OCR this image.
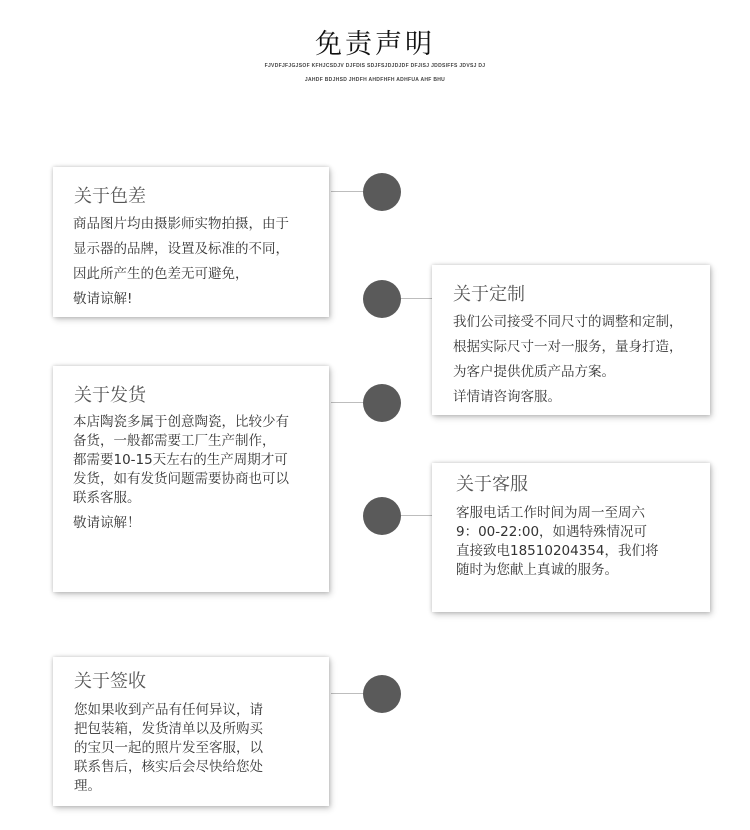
免责声明
FJVDFJFJGJSOF KFHJCSDJV DJFDIS SDJFSJDJDJDF DFJISJ JDDSIFFS JDVSJ DJ
JAHDF BDJHSD JHDFH AHDFHFH ADHFUA AHF BHU
关于色差
商品图片均由摄影师实物拍摄，由于
显示器的品牌，设置及标准的不同，
因此所产生的色差无可避免，
敬请谅解!	关于定制
我们公司接受不同尺寸的调整和定制，
根据实际尺寸一对一服务，量身打造，
为客户提供优质产品方案。
详情请咨询客服。
关于发货
本店陶瓷多属于创意陶瓷，比较少有
备货，一般都需要工厂生产制作，
都需要10-15天左右的生产周期才可
发货，如有发货问题需要协商也可以
联系客服。
敬请谅解！
关于客服
客服电话工作时间为周一至周六
9：00-22:00，如遇特殊情况可
直接致电18510204354，我们将
随时为您献上真诚的服务。
关于签收
您如果收到产品有任何异议，请
把包装箱，发货清单以及所购买
的宝贝一起的照片发至客服，以
联系售后，核实后会尽快给您处
理。
